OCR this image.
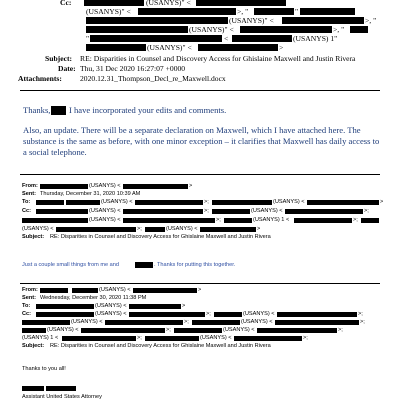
Cc:	(USANYS)" <
(USANYS)" <	>, "	"
(USANYS)" <	>, "
(USANYS)" <	>, "
"	<	(USANYS) 1"
(USANYS)" <	>
Subject: RE: Disparities in Counsel and Discovery Access for Ghislaine Maxwell and Justin Rivera
Date: Thu, 31 Dec 2020 16:27:07 +0000
Attachments: 2020.12.31_Thompson_Decl_re_Maxwell.docx
Thanks, I have incorporated your edits and comments.
Also, an update. There will be a separate declaration on Maxwell, which I have attached here. The
substance is the same as before, with one minor exception – it clarifies that Maxwell has daily access to
a social telephone.
From:	(USANYS) <	>
Sent: Thursday, December 31, 2020 10:39 AM
To:	(USANYS) <	>;	(USANYS) <	>
Cc:	(USANYS) <	>;	(USANYS) <	>;
(USANYS) <	>;	(USANYS) 1 <	>;
(USANYS) <	>;	(USANYS) <	>
Subject: RE: Disparities in Counsel and Discovery Access for Ghislaine Maxwell and Justin Rivera
Just a couple small things from me and	. Thanks for putting this together.
From:	(USANYS) <	>
Sent: Wednesday, December 30, 2020 11:38 PM
To:	(USANYS) <	>
Cc:	(USANYS) <	>;	(USANYS) <	>;
(USANYS) <	>;	(USANYS) <	>;
(USANYS) <	>;	(USANYS) <	>;
(USANYS) 1 <	>;	(USANYS) <	>;
Subject: RE: Disparities in Counsel and Discovery Access for Ghislaine Maxwell and Justin Rivera
Thanks to you all!
Assistant United States Attorney
